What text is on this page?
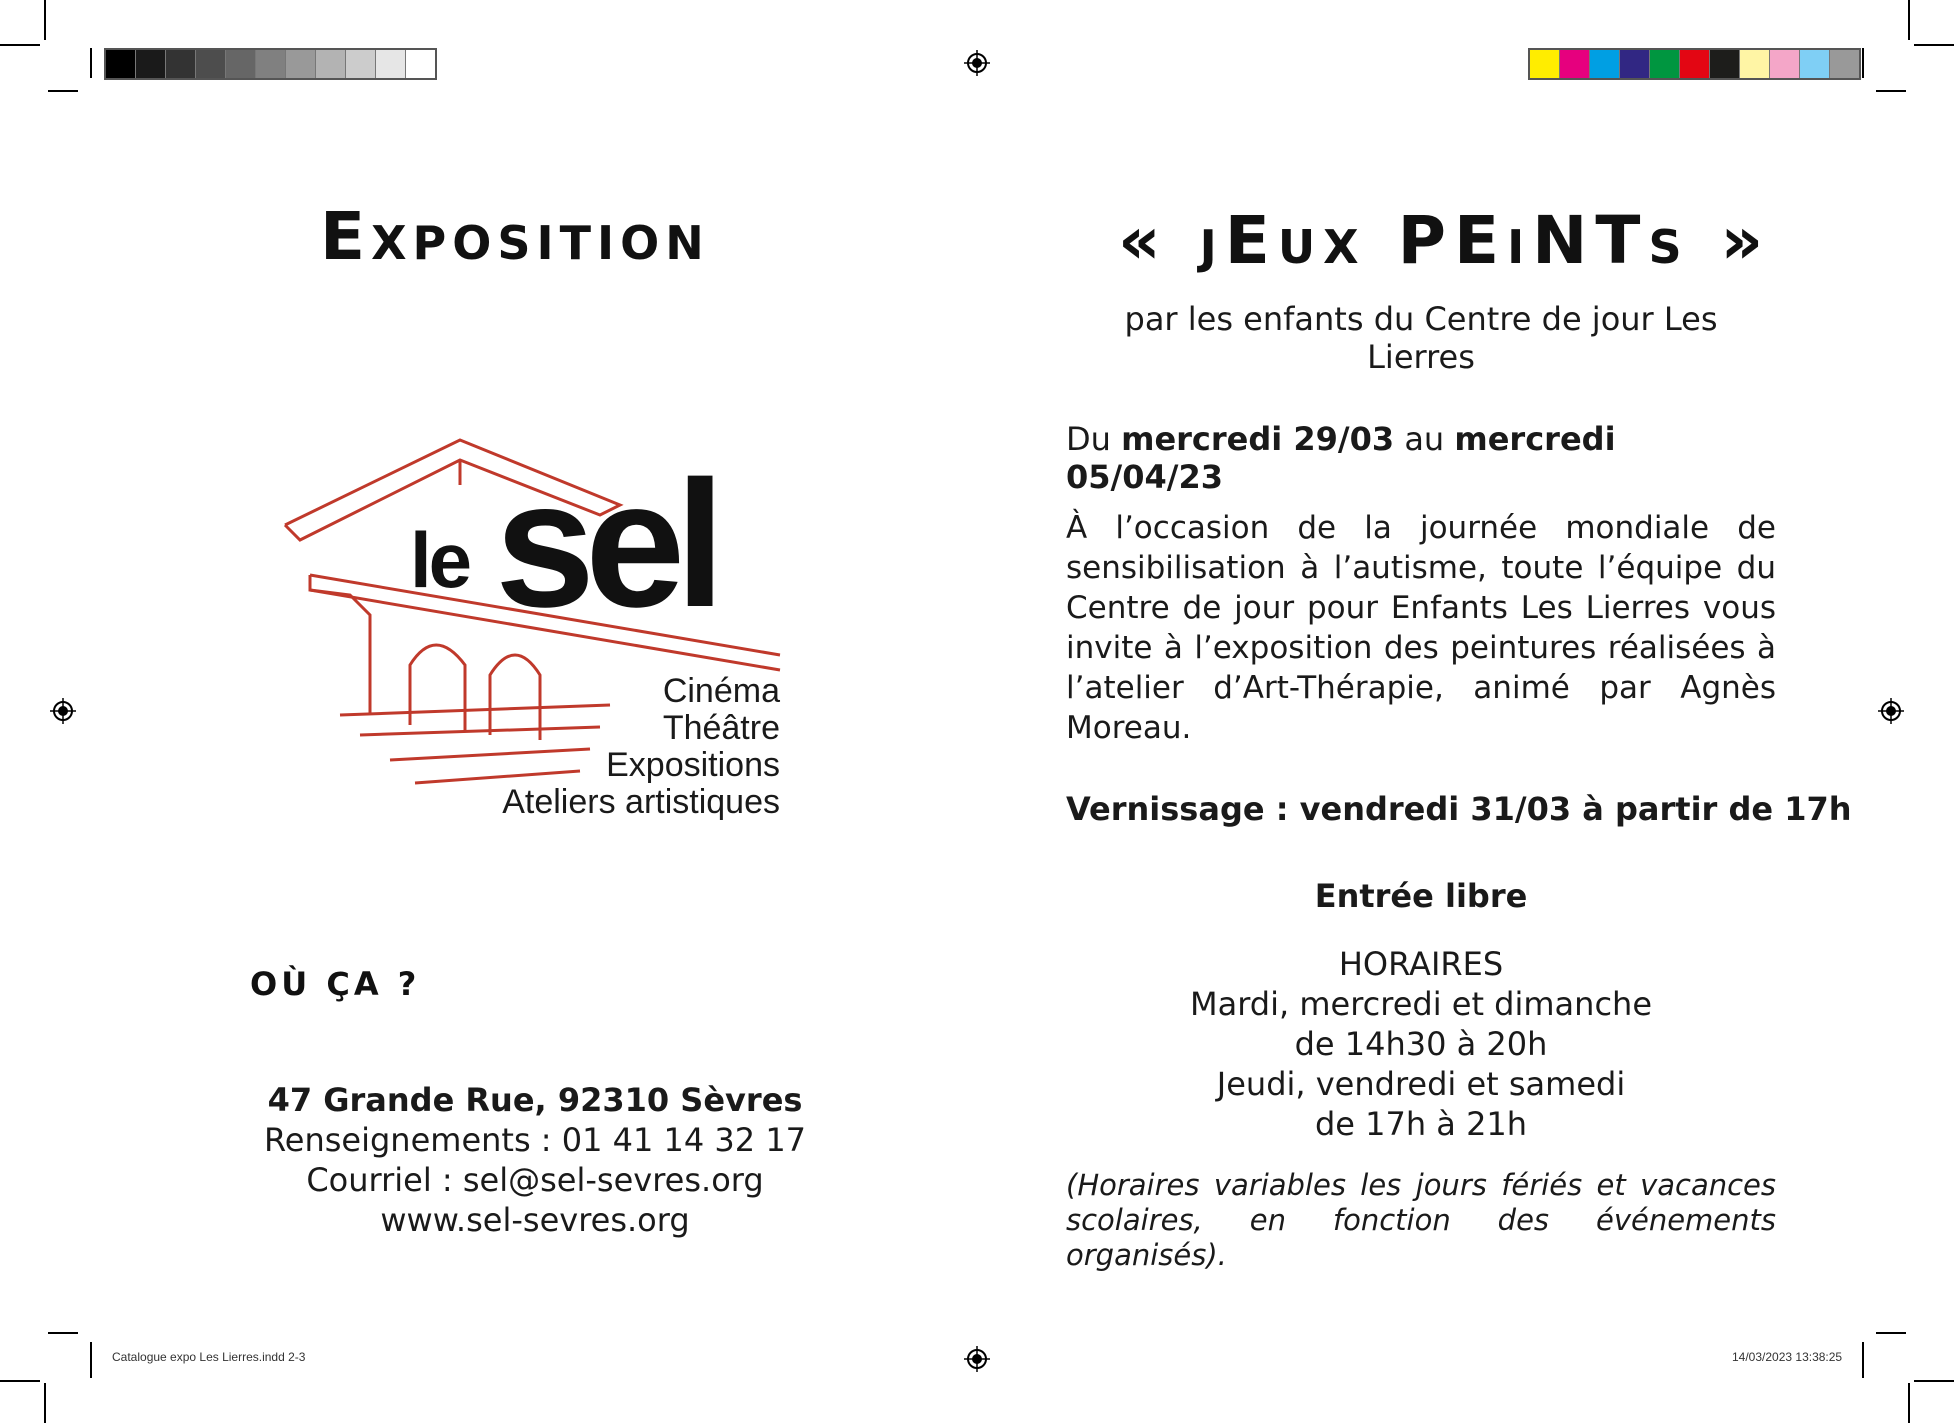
Exposition
le sel
Cinéma
Théâtre
Expositions
Ateliers artistiques
OÙ ÇA ?
47 Grande Rue, 92310 Sèvres
Renseignements : 01 41 14 32 17
Courriel : sel@sel-sevres.org
www.sel-sevres.org
« jEux PEiNTs »
par les enfants du Centre de jour Les Lierres
Du mercredi 29/03 au mercredi 05/04/23
À l’occasion de la journée mondiale de sensibilisation à l’autisme, toute l’équipe du Centre de jour pour Enfants Les Lierres vous invite à l’exposition des peintures réalisées à l’atelier d’Art-Thérapie, animé par Agnès Moreau.
Vernissage : vendredi 31/03 à partir de 17h
Entrée libre
HORAIRES
Mardi, mercredi et dimanche
de 14h30 à 20h
Jeudi, vendredi et samedi
de 17h à 21h
(Horaires variables les jours fériés et vacances scolaires, en fonction des événements organisés).
Catalogue expo Les Lierres.indd 2-3	14/03/2023 13:38:25
